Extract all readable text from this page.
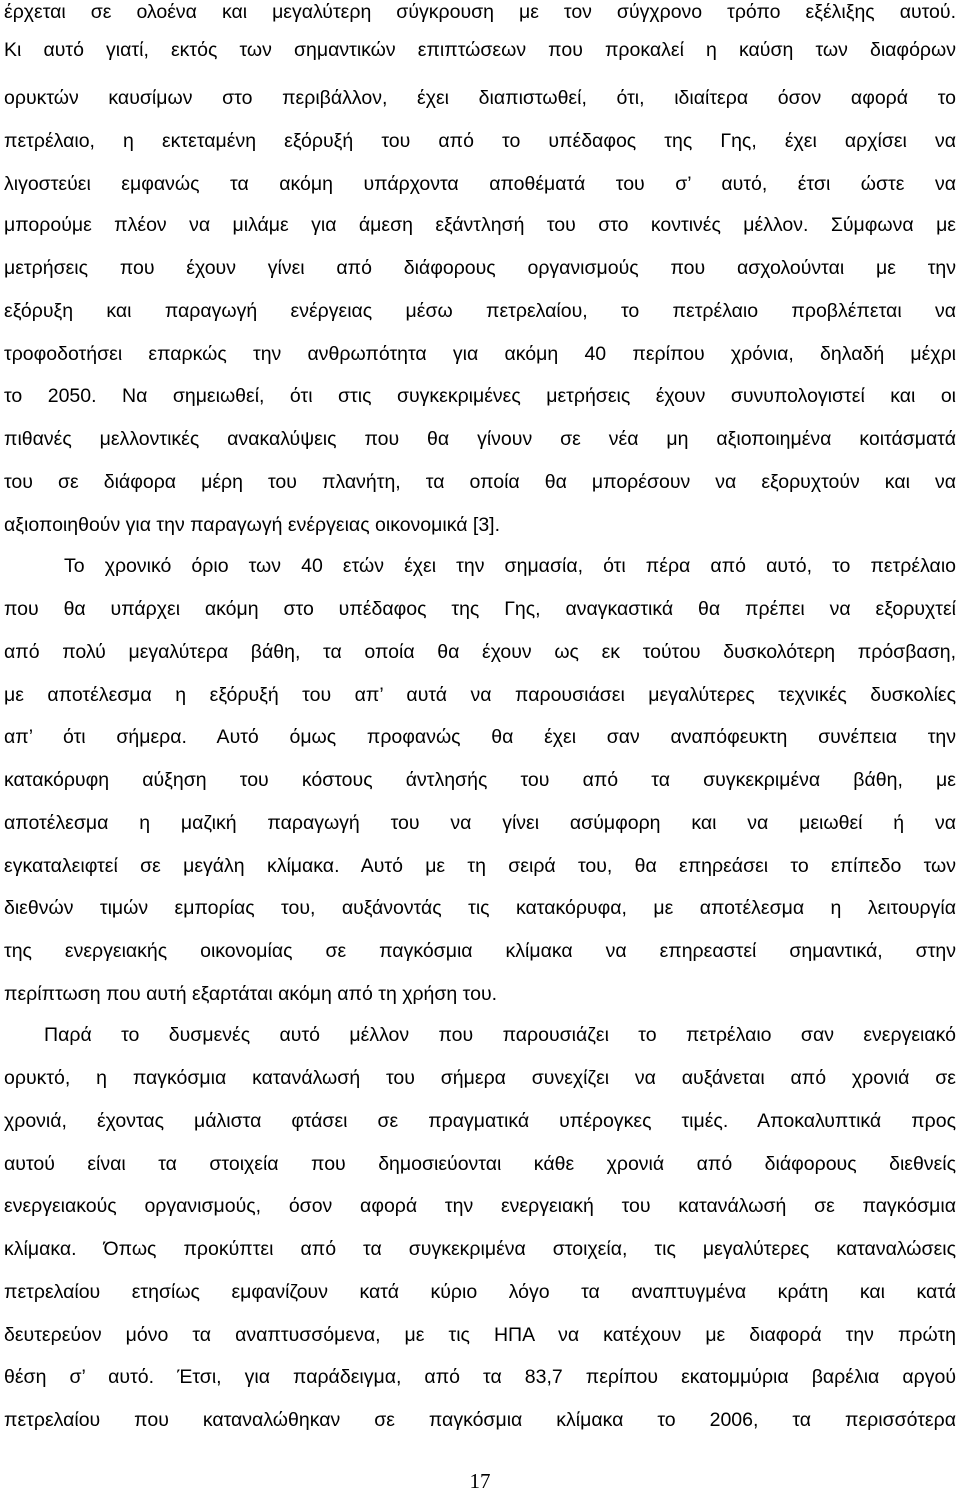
έρχεται σε ολοένα και μεγαλύτερη σύγκρουση με τον σύγχρονο τρόπο εξέλιξης αυτού.
Κι αυτό γιατί, εκτός των σημαντικών επιπτώσεων που προκαλεί η καύση των διαφόρων
ορυκτών καυσίμων στο περιβάλλον, έχει διαπιστωθεί, ότι, ιδιαίτερα όσον αφορά το
πετρέλαιο, η εκτεταμένη εξόρυξή του από το υπέδαφος της Γης, έχει αρχίσει να
λιγοστεύει εμφανώς τα ακόμη υπάρχοντα αποθέματά του σ’ αυτό, έτσι ώστε να
μπορούμε πλέον να μιλάμε για άμεση εξάντλησή του στο κοντινές μέλλον. Σύμφωνα με
μετρήσεις που έχουν γίνει από διάφορους οργανισμούς που ασχολούνται με την
εξόρυξη και παραγωγή ενέργειας μέσω πετρελαίου, το πετρέλαιο προβλέπεται να
τροφοδοτήσει επαρκώς την ανθρωπότητα για ακόμη 40 περίπου χρόνια, δηλαδή μέχρι
το 2050. Να σημειωθεί, ότι στις συγκεκριμένες μετρήσεις έχουν συνυπολογιστεί και οι
πιθανές μελλοντικές ανακαλύψεις που θα γίνουν σε νέα μη αξιοποιημένα κοιτάσματά
του σε διάφορα μέρη του πλανήτη, τα οποία θα μπορέσουν να εξορυχτούν και να
αξιοποιηθούν για την παραγωγή ενέργειας οικονομικά [3].
Το χρονικό όριο των 40 ετών έχει την σημασία, ότι πέρα από αυτό, το πετρέλαιο
που θα υπάρχει ακόμη στο υπέδαφος της Γης, αναγκαστικά θα πρέπει να εξορυχτεί
από πολύ μεγαλύτερα βάθη, τα οποία θα έχουν ως εκ τούτου δυσκολότερη πρόσβαση,
με αποτέλεσμα η εξόρυξή του απ’ αυτά να παρουσιάσει μεγαλύτερες τεχνικές δυσκολίες
απ’ ότι σήμερα. Αυτό όμως προφανώς θα έχει σαν αναπόφευκτη συνέπεια την
κατακόρυφη αύξηση του κόστους άντλησής του από τα συγκεκριμένα βάθη, με
αποτέλεσμα η μαζική παραγωγή του να γίνει ασύμφορη και να μειωθεί ή να
εγκαταλειφτεί σε μεγάλη κλίμακα. Αυτό με τη σειρά του, θα επηρεάσει το επίπεδο των
διεθνών τιμών εμπορίας του, αυξάνοντάς τις κατακόρυφα, με αποτέλεσμα η λειτουργία
της ενεργειακής οικονομίας σε παγκόσμια κλίμακα να επηρεαστεί σημαντικά, στην
περίπτωση που αυτή εξαρτάται ακόμη από τη χρήση του.
Παρά το δυσμενές αυτό μέλλον που παρουσιάζει το πετρέλαιο σαν ενεργειακό
ορυκτό, η παγκόσμια κατανάλωσή του σήμερα συνεχίζει να αυξάνεται από χρονιά σε
χρονιά, έχοντας μάλιστα φτάσει σε πραγματικά υπέρογκες τιμές. Αποκαλυπτικά προς
αυτού είναι τα στοιχεία που δημοσιεύονται κάθε χρονιά από διάφορους διεθνείς
ενεργειακούς οργανισμούς, όσον αφορά την ενεργειακή του κατανάλωσή σε παγκόσμια
κλίμακα. Όπως προκύπτει από τα συγκεκριμένα στοιχεία, τις μεγαλύτερες καταναλώσεις
πετρελαίου ετησίως εμφανίζουν κατά κύριο λόγο τα αναπτυγμένα κράτη και κατά
δευτερεύον μόνο τα αναπτυσσόμενα, με τις ΗΠΑ να κατέχουν με διαφορά την πρώτη
θέση σ’ αυτό. Έτσι, για παράδειγμα, από τα 83,7 περίπου εκατομμύρια βαρέλια αργού
πετρελαίου που καταναλώθηκαν σε παγκόσμια κλίμακα το 2006, τα περισσότερα
17
